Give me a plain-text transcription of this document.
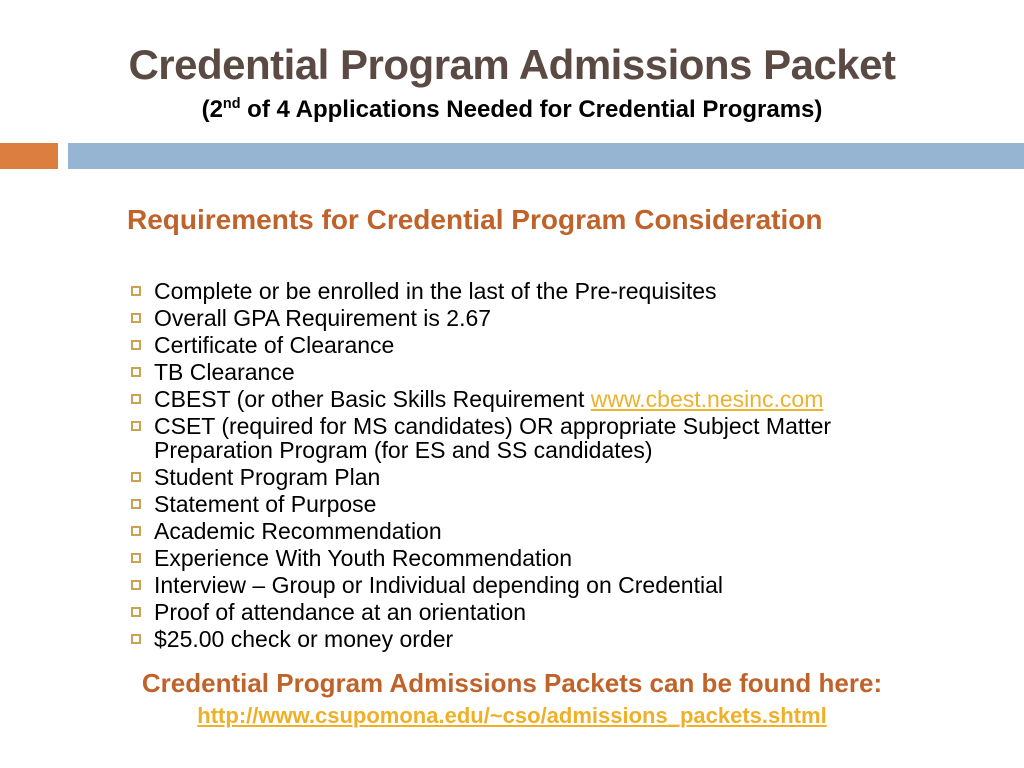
Credential Program Admissions Packet
(2nd of 4 Applications Needed for Credential Programs)
Requirements for Credential Program Consideration
Complete or be enrolled in the last of the Pre-requisites
Overall GPA Requirement is 2.67
Certificate of Clearance
TB Clearance
CBEST (or other Basic Skills Requirement www.cbest.nesinc.com
CSET (required for MS candidates) OR appropriate Subject Matter Preparation Program (for ES and SS candidates)
Student Program Plan
Statement of Purpose
Academic Recommendation
Experience With Youth Recommendation
Interview – Group or Individual depending on Credential
Proof of attendance at an orientation
$25.00 check or money order
Credential Program Admissions Packets can be found here:
http://www.csupomona.edu/~cso/admissions_packets.shtml
